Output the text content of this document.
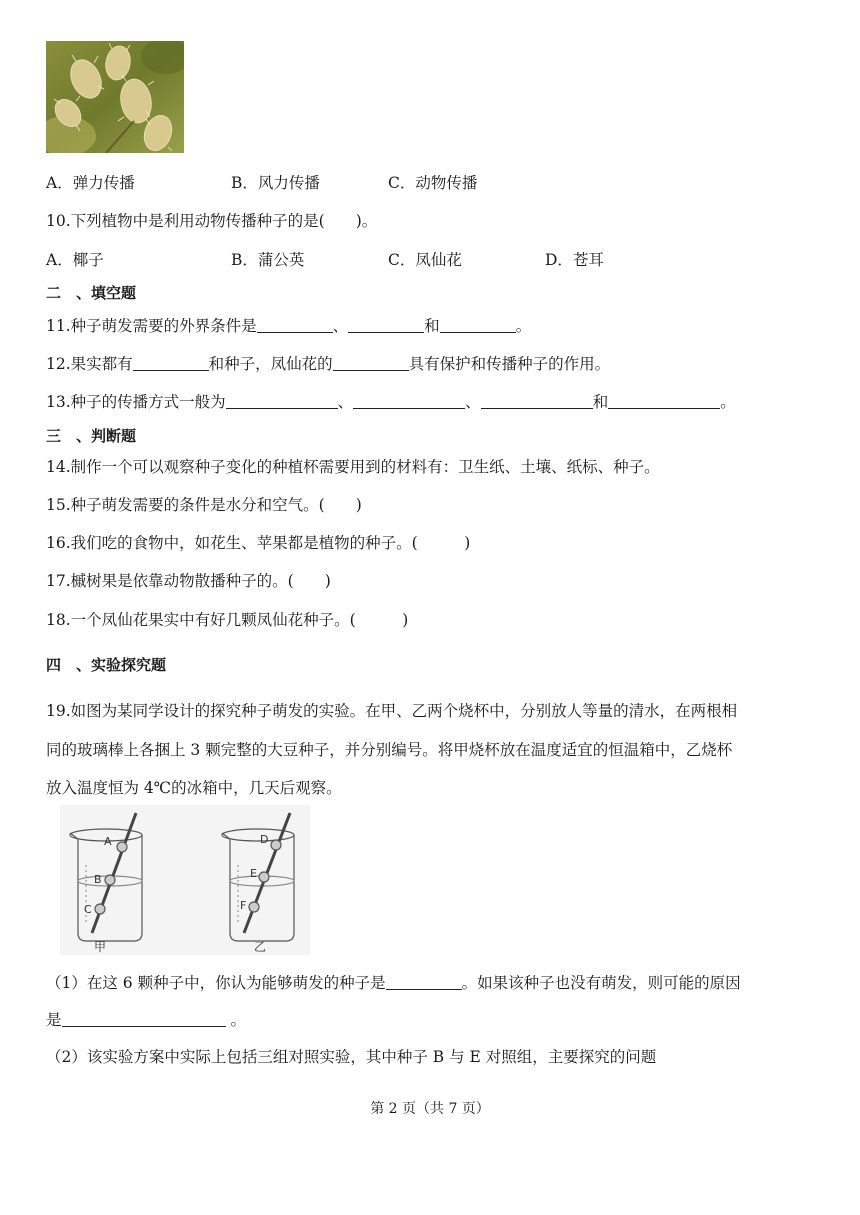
A．弹力传播	B．风力传播	C．动物传播
10.下列植物中是利用动物传播种子的是(　　)。
A．椰子	B．蒲公英	C．凤仙花	D．苍耳
二　、填空题
11.种子萌发需要的外界条件是	、	和	。
12.果实都有	和种子，凤仙花的	具有保护和传播种子的作用。
13.种子的传播方式一般为	、	、	和	。
三　、判断题
14.制作一个可以观察种子变化的种植杯需要用到的材料有：卫生纸、土壤、纸标、种子。
15.种子萌发需要的条件是水分和空气。(　　)
16.我们吃的食物中，如花生、苹果都是植物的种子。(　　　)
17.槭树果是依靠动物散播种子的。(　　)
18.一个凤仙花果实中有好几颗凤仙花种子。(　　　)
四　、实验探究题
19.如图为某同学设计的探究种子萌发的实验。在甲、乙两个烧杯中，分别放人等量的清水，在两根相
同的玻璃棒上各捆上 3 颗完整的大豆种子，并分别编号。将甲烧杯放在温度适宜的恒温箱中，乙烧杯
放入温度恒为 4℃的冰箱中，几天后观察。
A
B
C
甲
D
E
F
乙
（1）在这 6 颗种子中，你认为能够萌发的种子是	。如果该种子也没有萌发，则可能的原因
是	。
（2）该实验方案中实际上包括三组对照实验，其中种子 B 与 E 对照组，主要探究的问题
第 2 页（共 7 页）
